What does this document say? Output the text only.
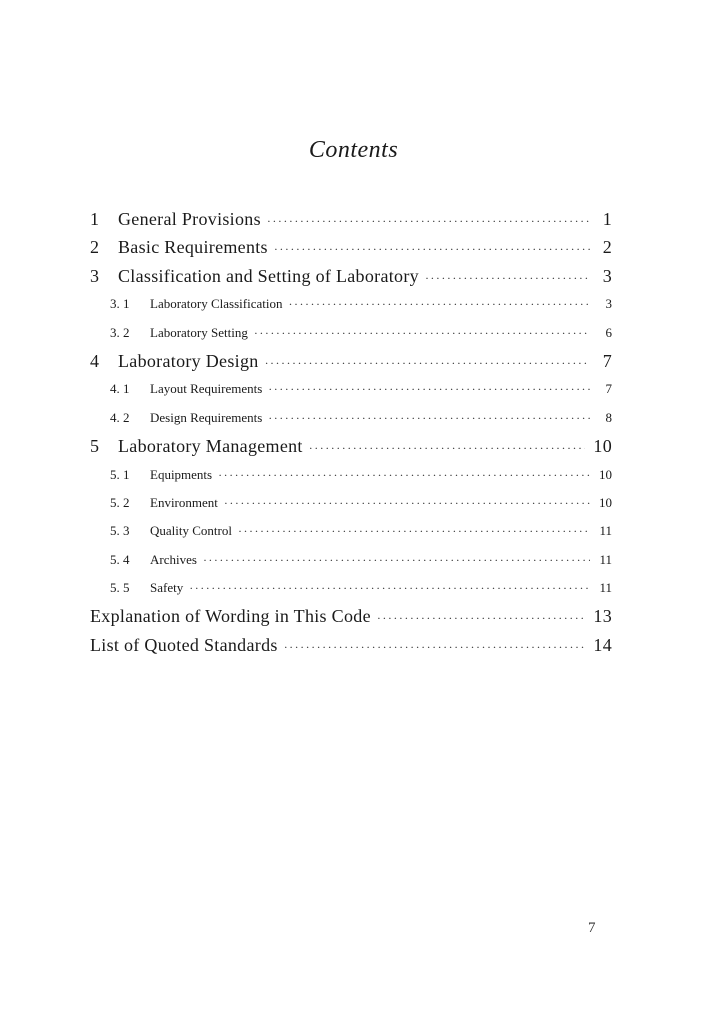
Contents
1	General Provisions ·····	1
2	Basic Requirements ·····	2
3	Classification and Setting of Laboratory ·····	3
3. 1	Laboratory Classification ·····	3
3. 2	Laboratory Setting ·····	6
4	Laboratory Design ·····	7
4. 1	Layout Requirements ·····	7
4. 2	Design Requirements ·····	8
5	Laboratory Management ·····	10
5. 1	Equipments ·····	10
5. 2	Environment ·····	10
5. 3	Quality Control ·····	11
5. 4	Archives ·····	11
5. 5	Safety ·····	11
Explanation of Wording in This Code ·····	13
List of Quoted Standards ·····	14
7
